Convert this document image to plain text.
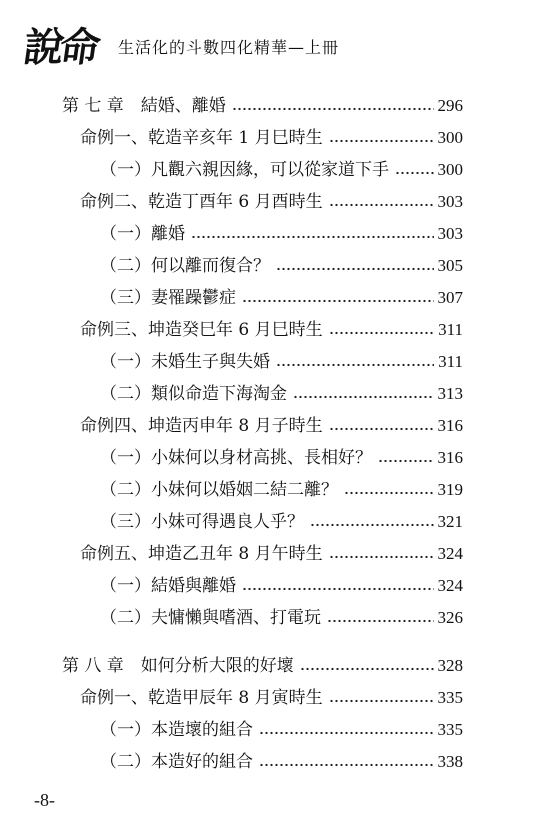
說命 生活化的斗數四化精華—上冊
第 七 章　結婚、離婚	296
命例一、乾造辛亥年 1 月巳時生	300
（一）凡觀六親因緣，可以從家道下手	300
命例二、乾造丁酉年 6 月酉時生	303
（一）離婚	303
（二）何以離而復合？	305
（三）妻罹躁鬱症	307
命例三、坤造癸巳年 6 月巳時生	311
（一）未婚生子與失婚	311
（二）類似命造下海淘金	313
命例四、坤造丙申年 8 月子時生	316
（一）小妹何以身材高挑、長相好？	316
（二）小妹何以婚姻二結二離？	319
（三）小妹可得遇良人乎？	321
命例五、坤造乙丑年 8 月午時生	324
（一）結婚與離婚	324
（二）夫慵懶與嗜酒、打電玩	326
第 八 章　如何分析大限的好壞	328
命例一、乾造甲辰年 8 月寅時生	335
（一）本造壞的組合	335
（二）本造好的組合	338
-8-
